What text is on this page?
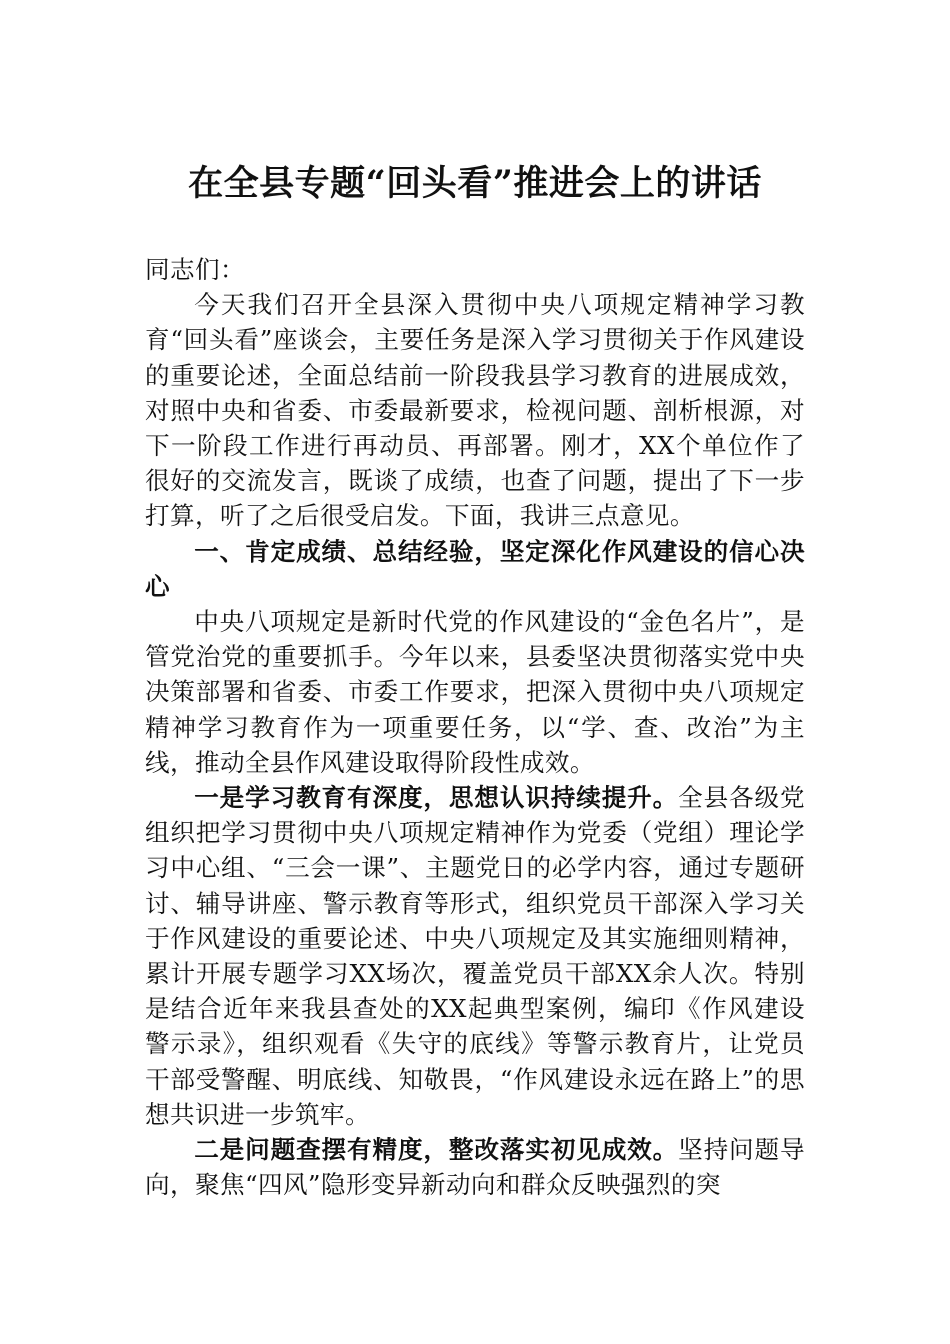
在全县专题“回头看”推进会上的讲话

同志们：

今天我们召开全县深入贯彻中央八项规定精神学习教育“回头看”座谈会，主要任务是深入学习贯彻关于作风建设的重要论述，全面总结前一阶段我县学习教育的进展成效，对照中央和省委、市委最新要求，检视问题、剖析根源，对下一阶段工作进行再动员、再部署。刚才，XX个单位作了很好的交流发言，既谈了成绩，也查了问题，提出了下一步打算，听了之后很受启发。下面，我讲三点意见。

一、肯定成绩、总结经验，坚定深化作风建设的信心决心

中央八项规定是新时代党的作风建设的“金色名片”，是管党治党的重要抓手。今年以来，县委坚决贯彻落实党中央决策部署和省委、市委工作要求，把深入贯彻中央八项规定精神学习教育作为一项重要任务，以“学、查、改治”为主线，推动全县作风建设取得阶段性成效。

一是学习教育有深度，思想认识持续提升。全县各级党组织把学习贯彻中央八项规定精神作为党委（党组）理论学习中心组、“三会一课”、主题党日的必学内容，通过专题研讨、辅导讲座、警示教育等形式，组织党员干部深入学习关于作风建设的重要论述、中央八项规定及其实施细则精神，累计开展专题学习XX场次，覆盖党员干部XX余人次。特别是结合近年来我县查处的XX起典型案例，编印《作风建设警示录》，组织观看《失守的底线》等警示教育片，让党员干部受警醒、明底线、知敬畏，“作风建设永远在路上”的思想共识进一步筑牢。

二是问题查摆有精度，整改落实初见成效。坚持问题导向，聚焦“四风”隐形变异新动向和群众反映强烈的突
